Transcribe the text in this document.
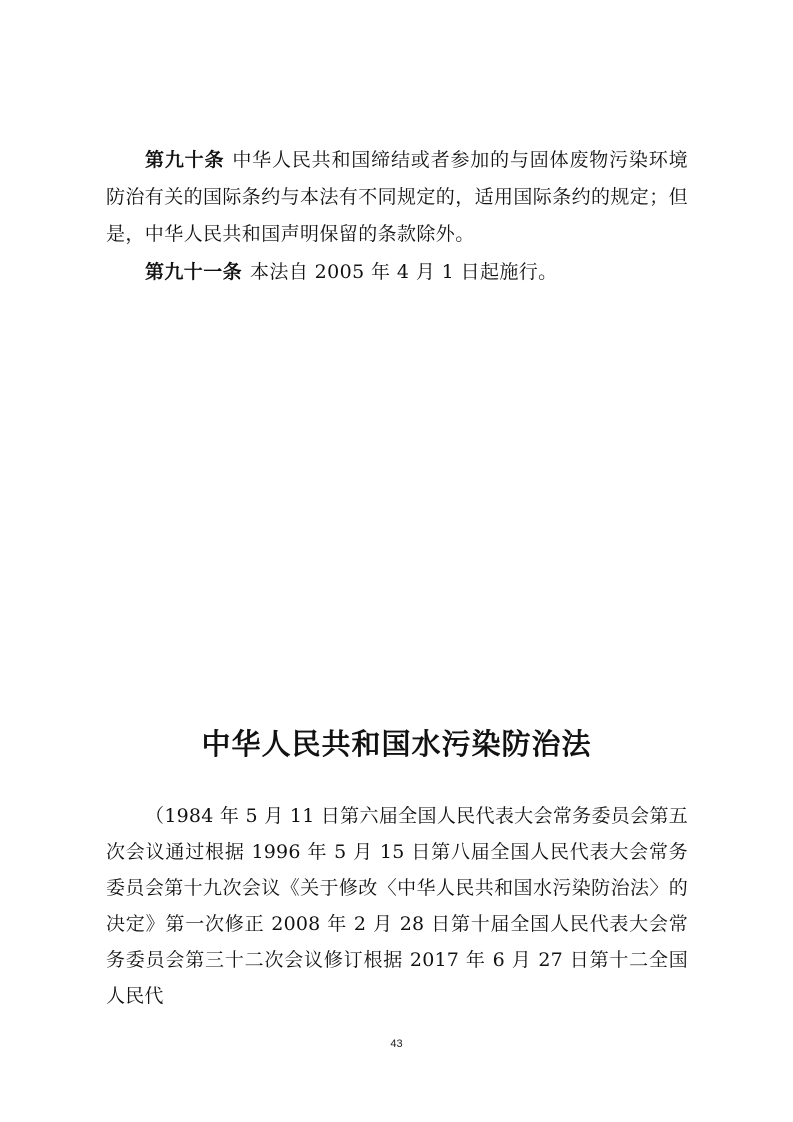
第九十条 中华人民共和国缔结或者参加的与固体废物污染环境防治有关的国际条约与本法有不同规定的，适用国际条约的规定；但是，中华人民共和国声明保留的条款除外。

第九十一条 本法自 2005 年 4 月 1 日起施行。

中华人民共和国水污染防治法

（1984 年 5 月 11 日第六届全国人民代表大会常务委员会第五次会议通过根据 1996 年 5 月 15 日第八届全国人民代表大会常务委员会第十九次会议《关于修改〈中华人民共和国水污染防治法〉的决定》第一次修正 2008 年 2 月 28 日第十届全国人民代表大会常务委员会第三十二次会议修订根据 2017 年 6 月 27 日第十二全国人民代

43
